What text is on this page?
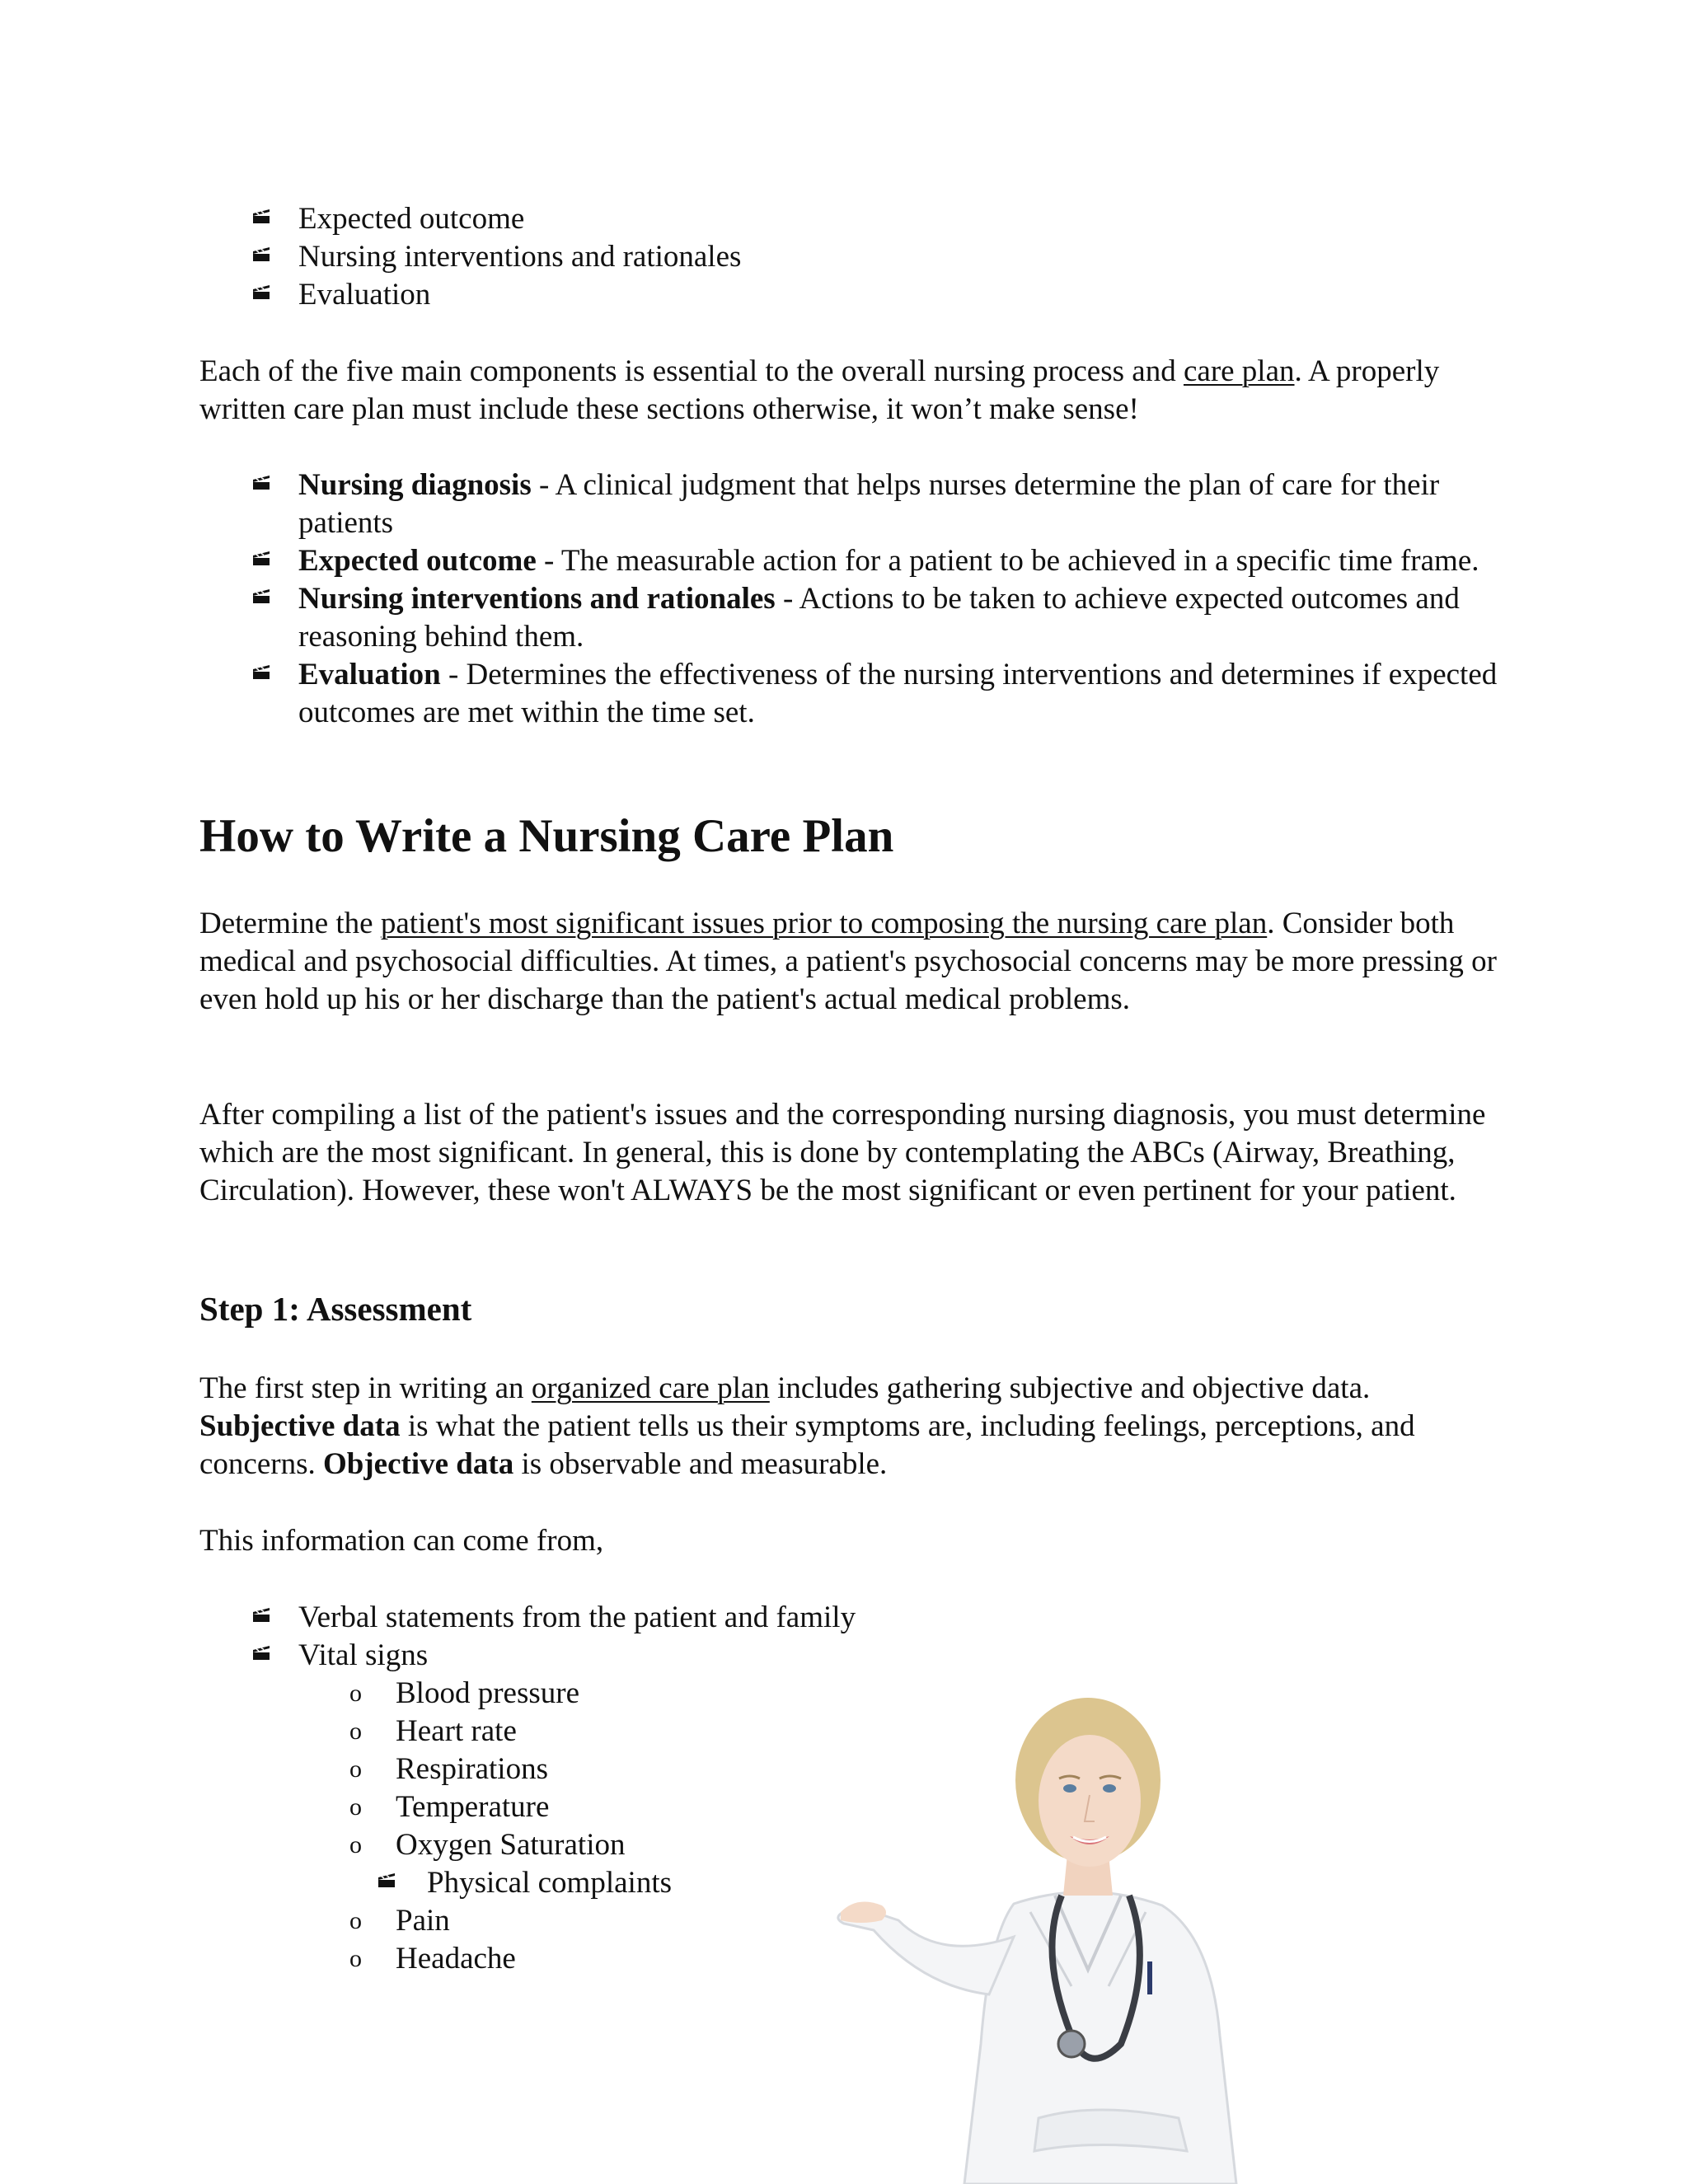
Expected outcome
Nursing interventions and rationales
Evaluation

Each of the five main components is essential to the overall nursing process and care plan. A properly written care plan must include these sections otherwise, it won’t make sense!

Nursing diagnosis - A clinical judgment that helps nurses determine the plan of care for their patients
Expected outcome - The measurable action for a patient to be achieved in a specific time frame.
Nursing interventions and rationales - Actions to be taken to achieve expected outcomes and reasoning behind them.
Evaluation - Determines the effectiveness of the nursing interventions and determines if expected outcomes are met within the time set.
How to Write a Nursing Care Plan

Determine the patient's most significant issues prior to composing the nursing care plan. Consider both medical and psychosocial difficulties. At times, a patient's psychosocial concerns may be more pressing or even hold up his or her discharge than the patient's actual medical problems.

After compiling a list of the patient's issues and the corresponding nursing diagnosis, you must determine which are the most significant. In general, this is done by contemplating the ABCs (Airway, Breathing, Circulation). However, these won't ALWAYS be the most significant or even pertinent for your patient.

Step 1: Assessment

The first step in writing an organized care plan includes gathering subjective and objective data. Subjective data is what the patient tells us their symptoms are, including feelings, perceptions, and concerns. Objective data is observable and measurable.

This information can come from,

Verbal statements from the patient and family
Vital signs
o Blood pressure
o Heart rate
o Respirations
o Temperature
o Oxygen Saturation
Physical complaints
o Pain
o Headache
